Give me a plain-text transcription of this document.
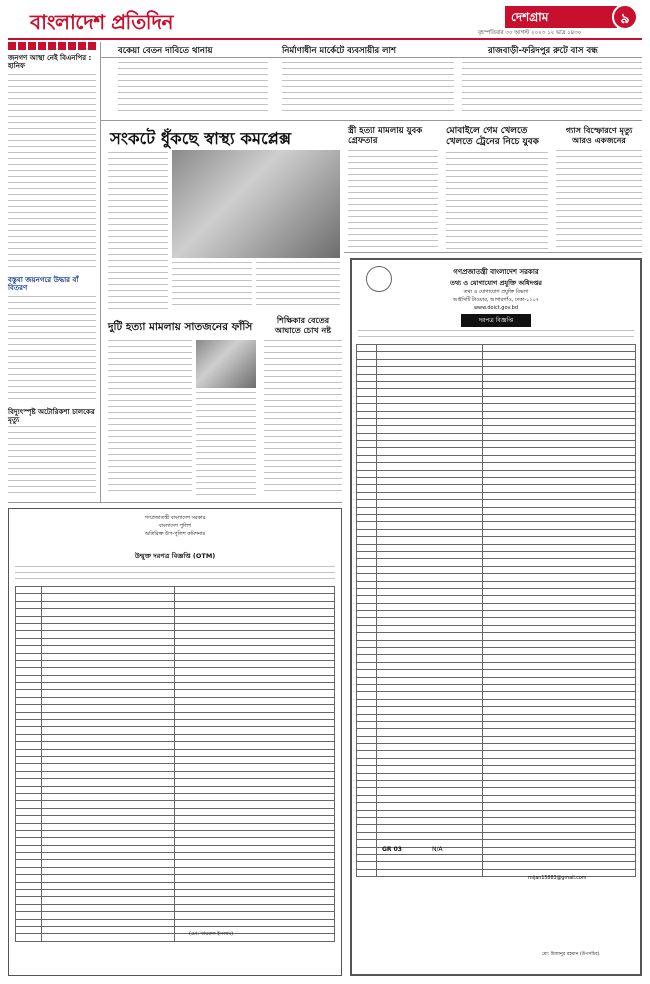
বাংলাদেশ প্রতিদিন	দেশগ্রাম	৯
বৃহস্পতিবার ৩০ আগস্ট ২০২৩ ১২ ভাদ্র ১৪৩০
বকেয়া বেতন দাবিতে থানায়	নির্মাণাধীন মার্কেটে ব্যবসায়ীর লাশ	রাজবাড়ী-ফরিদপুর রুটে বাস বন্ধ
জনগণ আস্থা নেই বিএনপির : হানিফ
বস্তুবা জয়নগরে উদ্ধার বাঁ বিতরণ
বিদ্যুৎস্পৃষ্ট অটোরিকশা চালকের মৃত্যু
সংকটে ধুঁকছে স্বাস্থ্য কমপ্লেক্স	স্ত্রী হত্যা মামলায় যুবক গ্রেফতার
মোবাইলে গেম খেলতে খেলতে ট্রেনের নিচে যুবক
গ্যাস বিস্ফোরণে মৃত্যু আরও একজনের
দুটি হত্যা মামলায় সাতজনের ফাঁসি
শিক্ষিকার বেতের আঘাতে চোখ নষ্ট
গণপ্রজাতন্ত্রী বাংলাদেশ সরকার
বাংলাদেশ পুলিশ
অতিরিক্ত উপ-পুলিশ কমিশনার
উন্মুক্ত দরপত্র বিজ্ঞপ্তি (OTM)

(মো: খায়রুল ইসলাম)
গণপ্রজাতন্ত্রী বাংলাদেশ সরকার
তথ্য ও যোগাযোগ প্রযুক্তি অধিদপ্তর
তথ্য ও যোগাযোগ প্রযুক্তি বিভাগ
আইসিটি টাওয়ার, আগারগাঁও, ঢাকা-১২০৭
www.doict.gov.bd
দরপত্র বিজ্ঞপ্তি

GR 03	N/A
mijan15883@gmail.com
মো: মিজানুর রহমান (উপসচিব)
